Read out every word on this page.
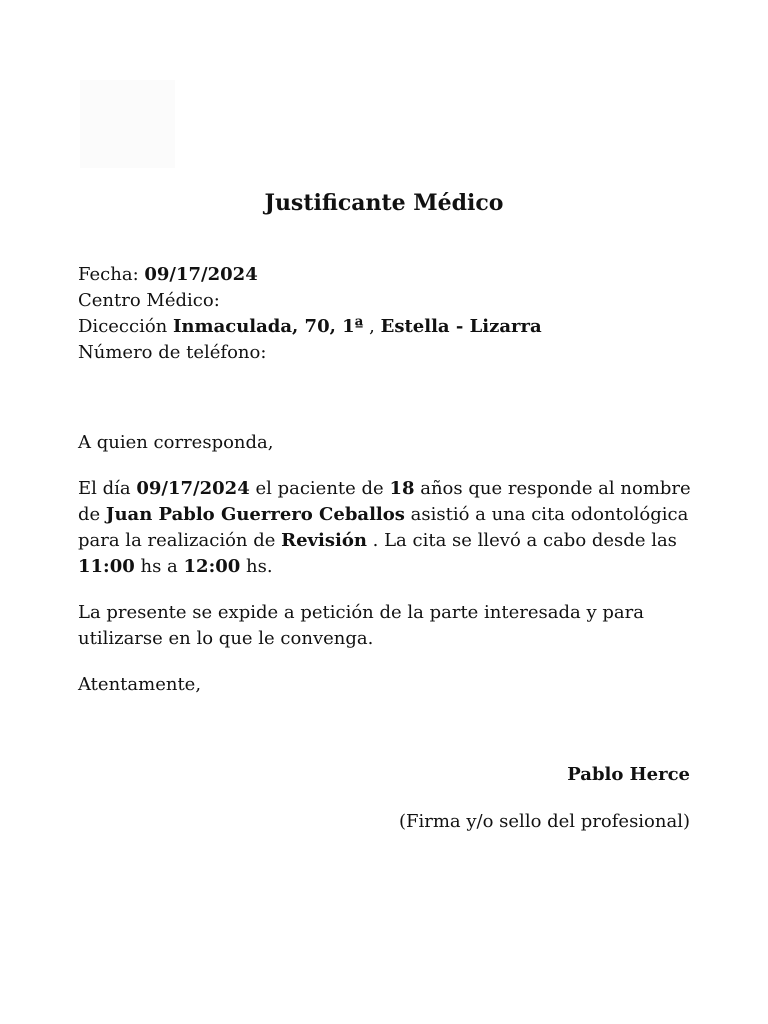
Justificante Médico
Fecha: 09/17/2024
Centro Médico:
Dicección Inmaculada, 70, 1ª , Estella - Lizarra
Número de teléfono:

A quien corresponda,

El día 09/17/2024 el paciente de 18 años que responde al nombre de Juan Pablo Guerrero Ceballos asistió a una cita odontológica para la realización de Revisión . La cita se llevó a cabo desde las 11:00 hs a 12:00 hs.

La presente se expide a petición de la parte interesada y para utilizarse en lo que le convenga.

Atentamente,

Pablo Herce
(Firma y/o sello del profesional)
